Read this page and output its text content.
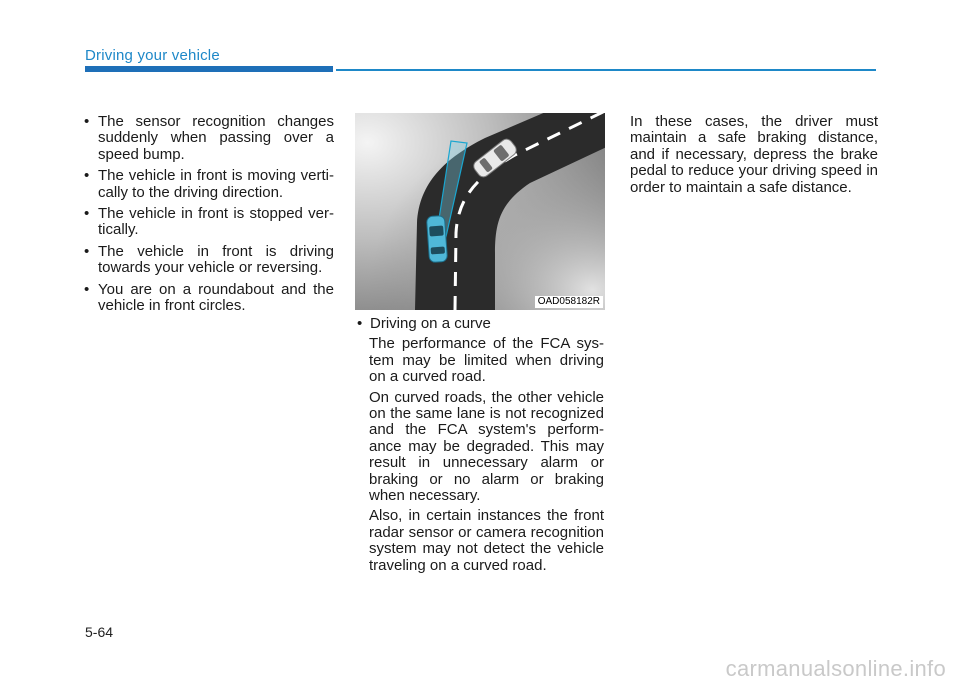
Driving your vehicle
• The sensor recognition changes suddenly when passing over a speed bump.
• The vehicle in front is moving verti-cally to the driving direction.
• The vehicle in front is stopped ver-tically.
• The vehicle in front is driving towards your vehicle or reversing.
• You are on a roundabout and the vehicle in front circles.	OAD058182R
• Driving on a curve

The performance of the FCA sys-tem may be limited when driving on a curved road.

On curved roads, the other vehicle on the same lane is not recognized and the FCA system's perform-ance may be degraded. This may result in unnecessary alarm or braking or no alarm or braking when necessary.

Also, in certain instances the front radar sensor or camera recognition system may not detect the vehicle traveling on a curved road.

In these cases, the driver must maintain a safe braking distance, and if necessary, depress the brake pedal to reduce your driving speed in order to maintain a safe distance.

5-64
carmanualsonline.info
